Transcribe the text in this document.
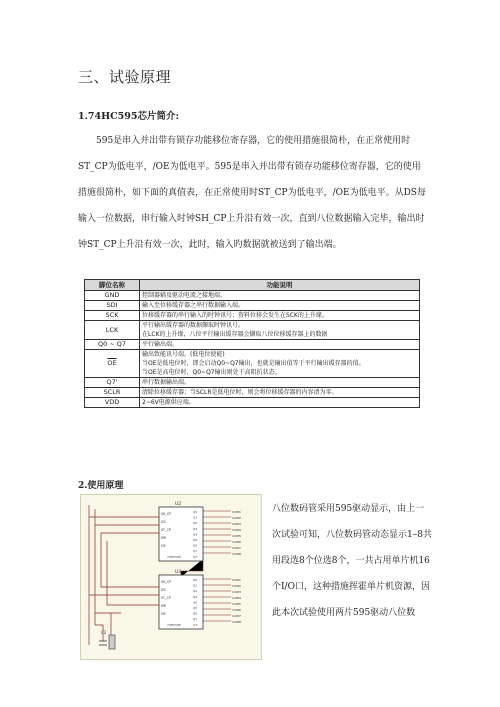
三、试验原理
1.74HC595芯片简介:

595是串入并出带有锁存功能移位寄存器，它的使用措施很简朴，在正常使用时ST_CP为低电平，/OE为低电平。595是串入并出带有锁存功能移位寄存器，它的使用措施很简朴，如下面的真值表，在正常使用时ST_CP为低电平，/OE为低电平。从DS每输入一位数据，串行输入时钟SH_CP上升沿有效一次，直到八位数据输入完毕，输出时钟ST_CP上升沿有效一次，此时，输入旳数据就被送到了输出端。

脚位名称	功能说明
GND	控制器辅及驱动电流之接地端。

SDI	输入至位移缓存器之串行数据输入端。

SCK	位移缓存器的串行输入的时钟讯号；资料位移会发生在SCK的上升缘。

LCK	平行输出缓存器的数据撷取时钟讯号。
在LCK的上升缘，八位平行输出缓存器会撷取八位位移缓存器上的数据

Q0 ~ Q7	平行输出端。

$\overline{OE}$	输出致能讯号端。(低电位使能)
当OE是低电位时，即会启动Q0~Q7输出，也就是输出值等于平行输出缓存器的值。
当OE是高电位时，Q0~Q7输出则处于高阻抗状态。

Q7'	串行数据输出端。

SCLR	清除位移缓存器；当SCLR是低电位时，则会将位移缓存器的内容清为零。

VDD	2~6V电源供应端。
2.使用原理
U2
U3
74HC595
74HC595
C2
SH_CP
DS
ST_CP
MR
OE
Q0
Q1
Q2
Q3
Q4
Q5
Q6
Q7
Q7'
SH_CP
DS
ST_CP
MR
OE
Q0
Q1
Q2
Q3
Q4
Q5
Q6
Q7
Q7'
COM1
COM2
COM3
COM4
COM5
COM6
COM7
COM8
COM1
COM2
COM3
COM4
COM5
COM6
COM7
COM8

八位数码管采用595驱动显示，由上一次试验可知，八位数码管动态显示1–8共用段选8个位选8个，一共占用单片机16个I/O口，这种措施挥霍单片机资源，因此本次试验使用两片595驱动八位数
